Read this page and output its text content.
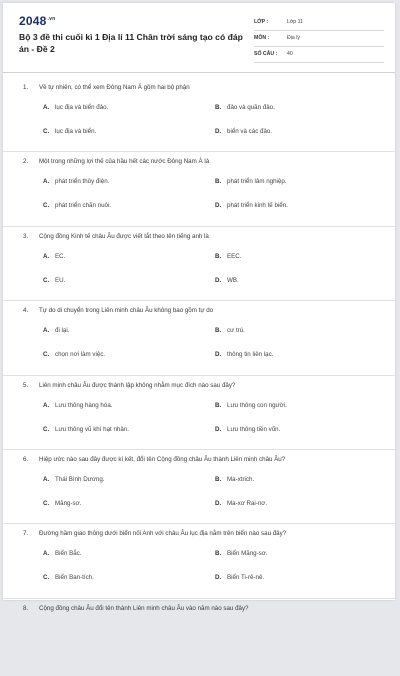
$2048^{.vn}$
Bộ 3 đề thi cuối kì 1 Địa lí 11 Chân trời sáng tạo có đáp án - Đề 2
LỚP :	Lớp 11
MÔN :	Địa lý
SỐ CÂU : 40
1. Về tự nhiên, có thể xem Đông Nam Á gồm hai bộ phận
A. lục địa và biển đảo.	B. đảo và quần đảo.
C. lục địa và biển.	D. biển và các đảo.
2. Một trong những lợi thế của hầu hết các nước Đông Nam Á là
A. phát triển thủy điện.	B. phát triển lâm nghiệp.
C. phát triển chăn nuôi.	D. phát triển kinh tế biển.
3. Cộng đồng Kinh tế châu Âu được viết tắt theo tên tiếng anh là
A. EC.	B. EEC.
C. EU.	D. WB.
4. Tự do di chuyển trong Liên minh châu Âu không bao gồm tự do
A. đi lại.	B. cư trú.
C. chọn nơi làm việc.	D. thông tin liên lạc.
5. Liên minh châu Âu được thành lập không nhằm mục đích nào sau đây?
A. Lưu thông hàng hóa.	B. Lưu thông con người.
C. Lưu thông vũ khí hạt nhân.	D. Lưu thông tiền vốn.
6. Hiệp ước nào sau đây được kí kết, đổi tên Cộng đồng châu Âu thành Liên minh châu Âu?
A. Thái Bình Dương.	B. Ma-xtrich.
C. Măng-sơ.	D. Ma-xơ Rai-nơ.
7. Đường hầm giao thông dưới biển nối Anh với châu Âu lục địa nằm trên biển nào sau đây?
A. Biển Bắc.	B. Biển Măng-sơ.
C. Biển Ban-tích.	D. Biển Ti-rê-nê.
8. Cộng đồng châu Âu đổi tên thành Liên minh châu Âu vào năm nào sau đây?
